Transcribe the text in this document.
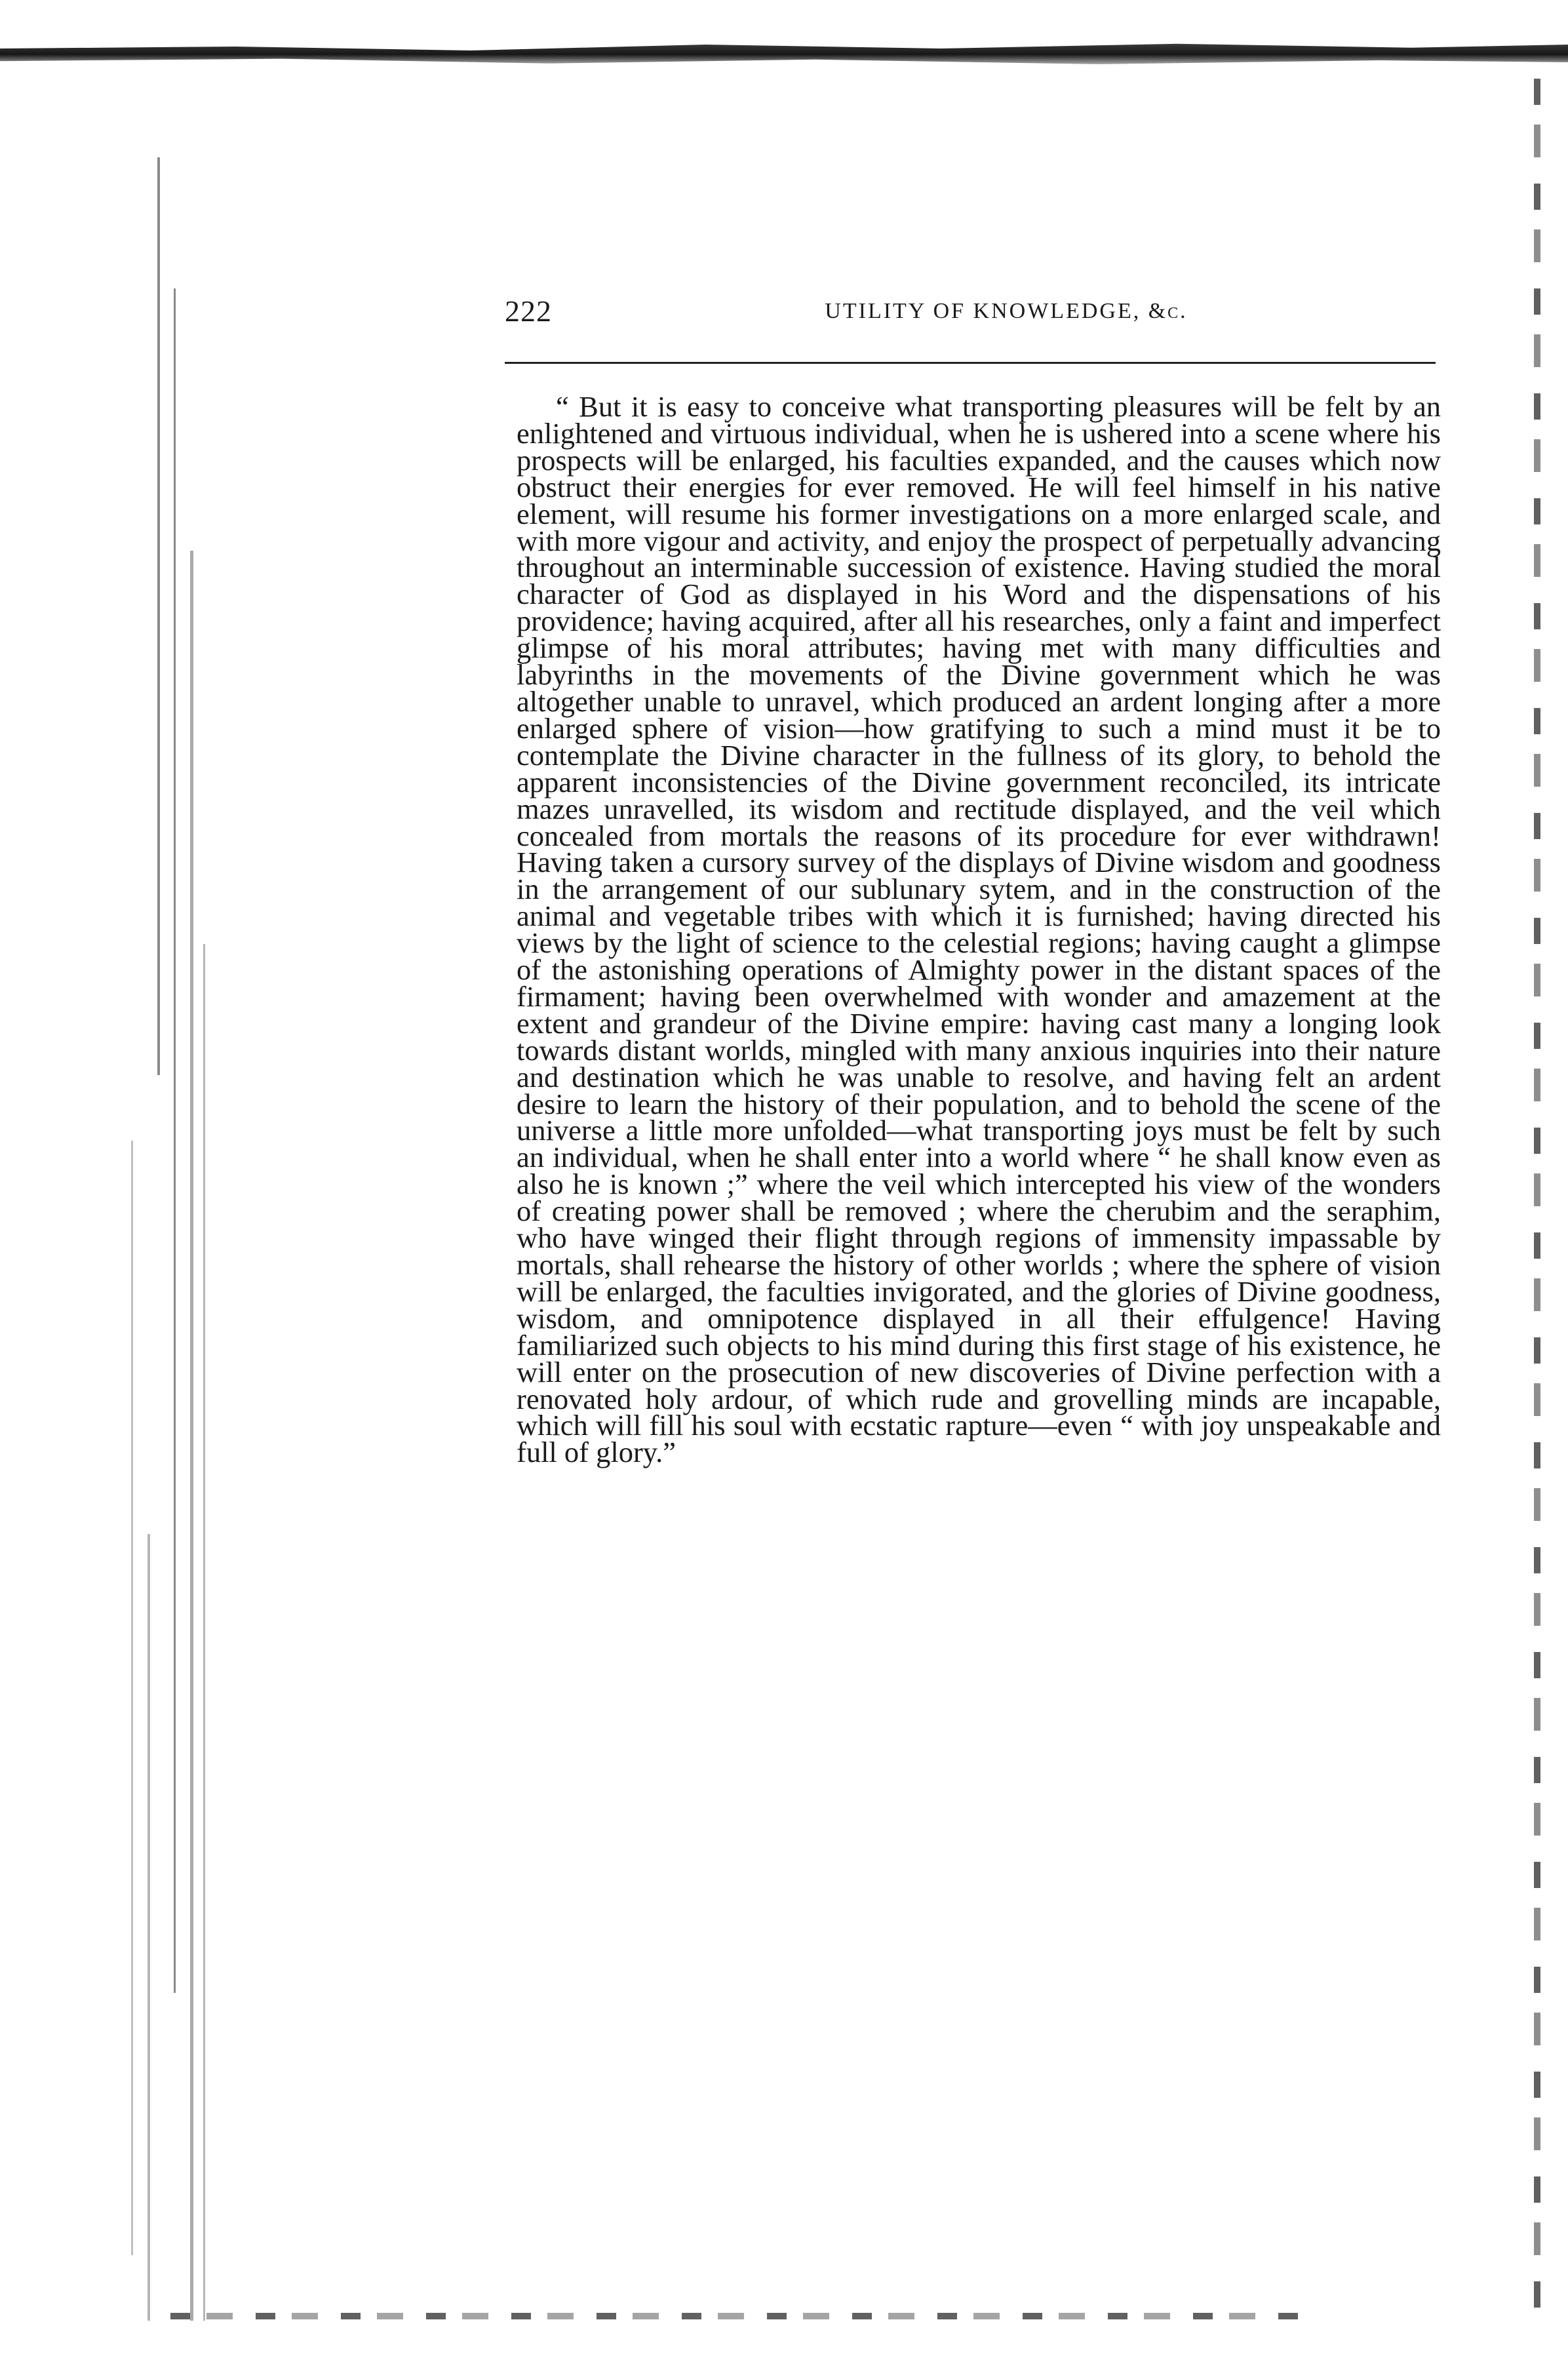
222	UTILITY OF KNOWLEDGE, &c.

“ But it is easy to conceive what transporting pleasures will be felt by an enlightened and virtuous individual, when he is ushered into a scene where his prospects will be enlarged, his faculties expanded, and the causes which now obstruct their energies for ever removed. He will feel himself in his native element, will resume his former investigations on a more enlarged scale, and with more vigour and activity, and enjoy the prospect of perpetually advancing throughout an interminable succession of existence. Having studied the moral character of God as displayed in his Word and the dispensations of his providence; having acquired, after all his researches, only a faint and imperfect glimpse of his moral attributes; having met with many difficulties and labyrinths in the movements of the Divine government which he was altogether unable to unravel, which produced an ardent longing after a more enlarged sphere of vision—how gratifying to such a mind must it be to contemplate the Divine character in the fullness of its glory, to behold the apparent inconsistencies of the Divine government reconciled, its intricate mazes unravelled, its wisdom and rectitude displayed, and the veil which concealed from mortals the reasons of its procedure for ever withdrawn! Having taken a cursory survey of the displays of Divine wisdom and goodness in the arrangement of our sublunary sytem, and in the construction of the animal and vegetable tribes with which it is furnished; having directed his views by the light of science to the celestial regions; having caught a glimpse of the astonishing operations of Almighty power in the distant spaces of the firmament; having been overwhelmed with wonder and amazement at the extent and grandeur of the Divine empire: having cast many a longing look towards distant worlds, mingled with many anxious inquiries into their nature and destination which he was unable to resolve, and having felt an ardent desire to learn the history of their population, and to behold the scene of the universe a little more unfolded—what transporting joys must be felt by such an individual, when he shall enter into a world where “ he shall know even as also he is known ;” where the veil which intercepted his view of the wonders of creating power shall be removed ; where the cherubim and the seraphim, who have winged their flight through regions of immensity impassable by mortals, shall rehearse the history of other worlds ; where the sphere of vision will be enlarged, the faculties invigorated, and the glories of Divine goodness, wisdom, and omnipotence displayed in all their effulgence! Having familiarized such objects to his mind during this first stage of his existence, he will enter on the prosecution of new discoveries of Divine perfection with a renovated holy ardour, of which rude and grovelling minds are incapable, which will fill his soul with ecstatic rapture—even “ with joy unspeakable and full of glory.”
